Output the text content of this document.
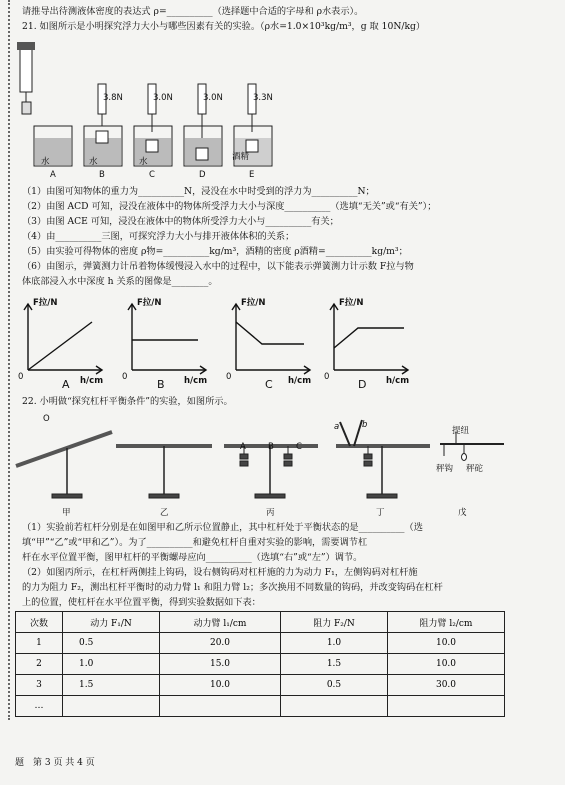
请推导出待测液体密度的表达式 ρ=__________（选择题中合适的字母和 ρ水表示）。
21. 如图所示是小明探究浮力大小与哪些因素有关的实验。（ρ水=1.0×10³kg/m³，g 取 10N/kg）
3.8N	3.0N	3.0N	3.3N
水	水	水	酒精
A	B	C	D	E
（1）由图可知物体的重力为__________N，浸没在水中时受到的浮力为__________N；
（2）由图 ACD 可知，浸没在液体中的物体所受浮力大小与深度__________（选填“无关”或“有关”）；
（3）由图 ACE 可知，浸没在液体中的物体所受浮力大小与__________有关；
（4）由__________三图，可探究浮力大小与排开液体体积的关系；
（5）由实验可得物体的密度 ρ物=__________kg/m³，酒精的密度 ρ酒精=__________kg/m³；
（6）由图示，弹簧测力计吊着物体缓慢浸入水中的过程中，以下能表示弹簧测力计示数 F拉与物
体底部浸入水中深度 h 关系的图像是________。
F拉/N	F拉/N	F拉/N	F拉/N
0	0	0	0
h/cm	h/cm	h/cm	h/cm
A	B	C	D
22. 小明做“探究杠杆平衡条件”的实验，如图所示。
O
A	B	C
a	b
提纽
秤钩 秤砣
甲	乙	丙	丁	戊
（1）实验前若杠杆分别是在如图甲和乙所示位置静止，其中杠杆处于平衡状态的是__________（选
填“甲”“乙”或“甲和乙”）。为了__________和避免杠杆自重对实验的影响，需要调节杠
杆在水平位置平衡，图甲杠杆的平衡螺母应向__________（选填“右”或“左”）调节。
（2）如图丙所示，在杠杆两侧挂上钩码，设右侧钩码对杠杆施的力为动力 F₁，左侧钩码对杠杆施
的力为阻力 F₂，测出杠杆平衡时的动力臂 l₁ 和阻力臂 l₂；多次换用不同数量的钩码，并改变钩码在杠杆
上的位置，使杠杆在水平位置平衡，得到实验数据如下表：
次数	动力 F₁/N	动力臂 l₁/cm	阻力 F₂/N	阻力臂 l₂/cm
1	0.5	20.0	1.0	10.0
2	1.0	15.0	1.5	10.0
3	1.5	10.0	0.5	30.0
…				
题　第 3 页 共 4 页
